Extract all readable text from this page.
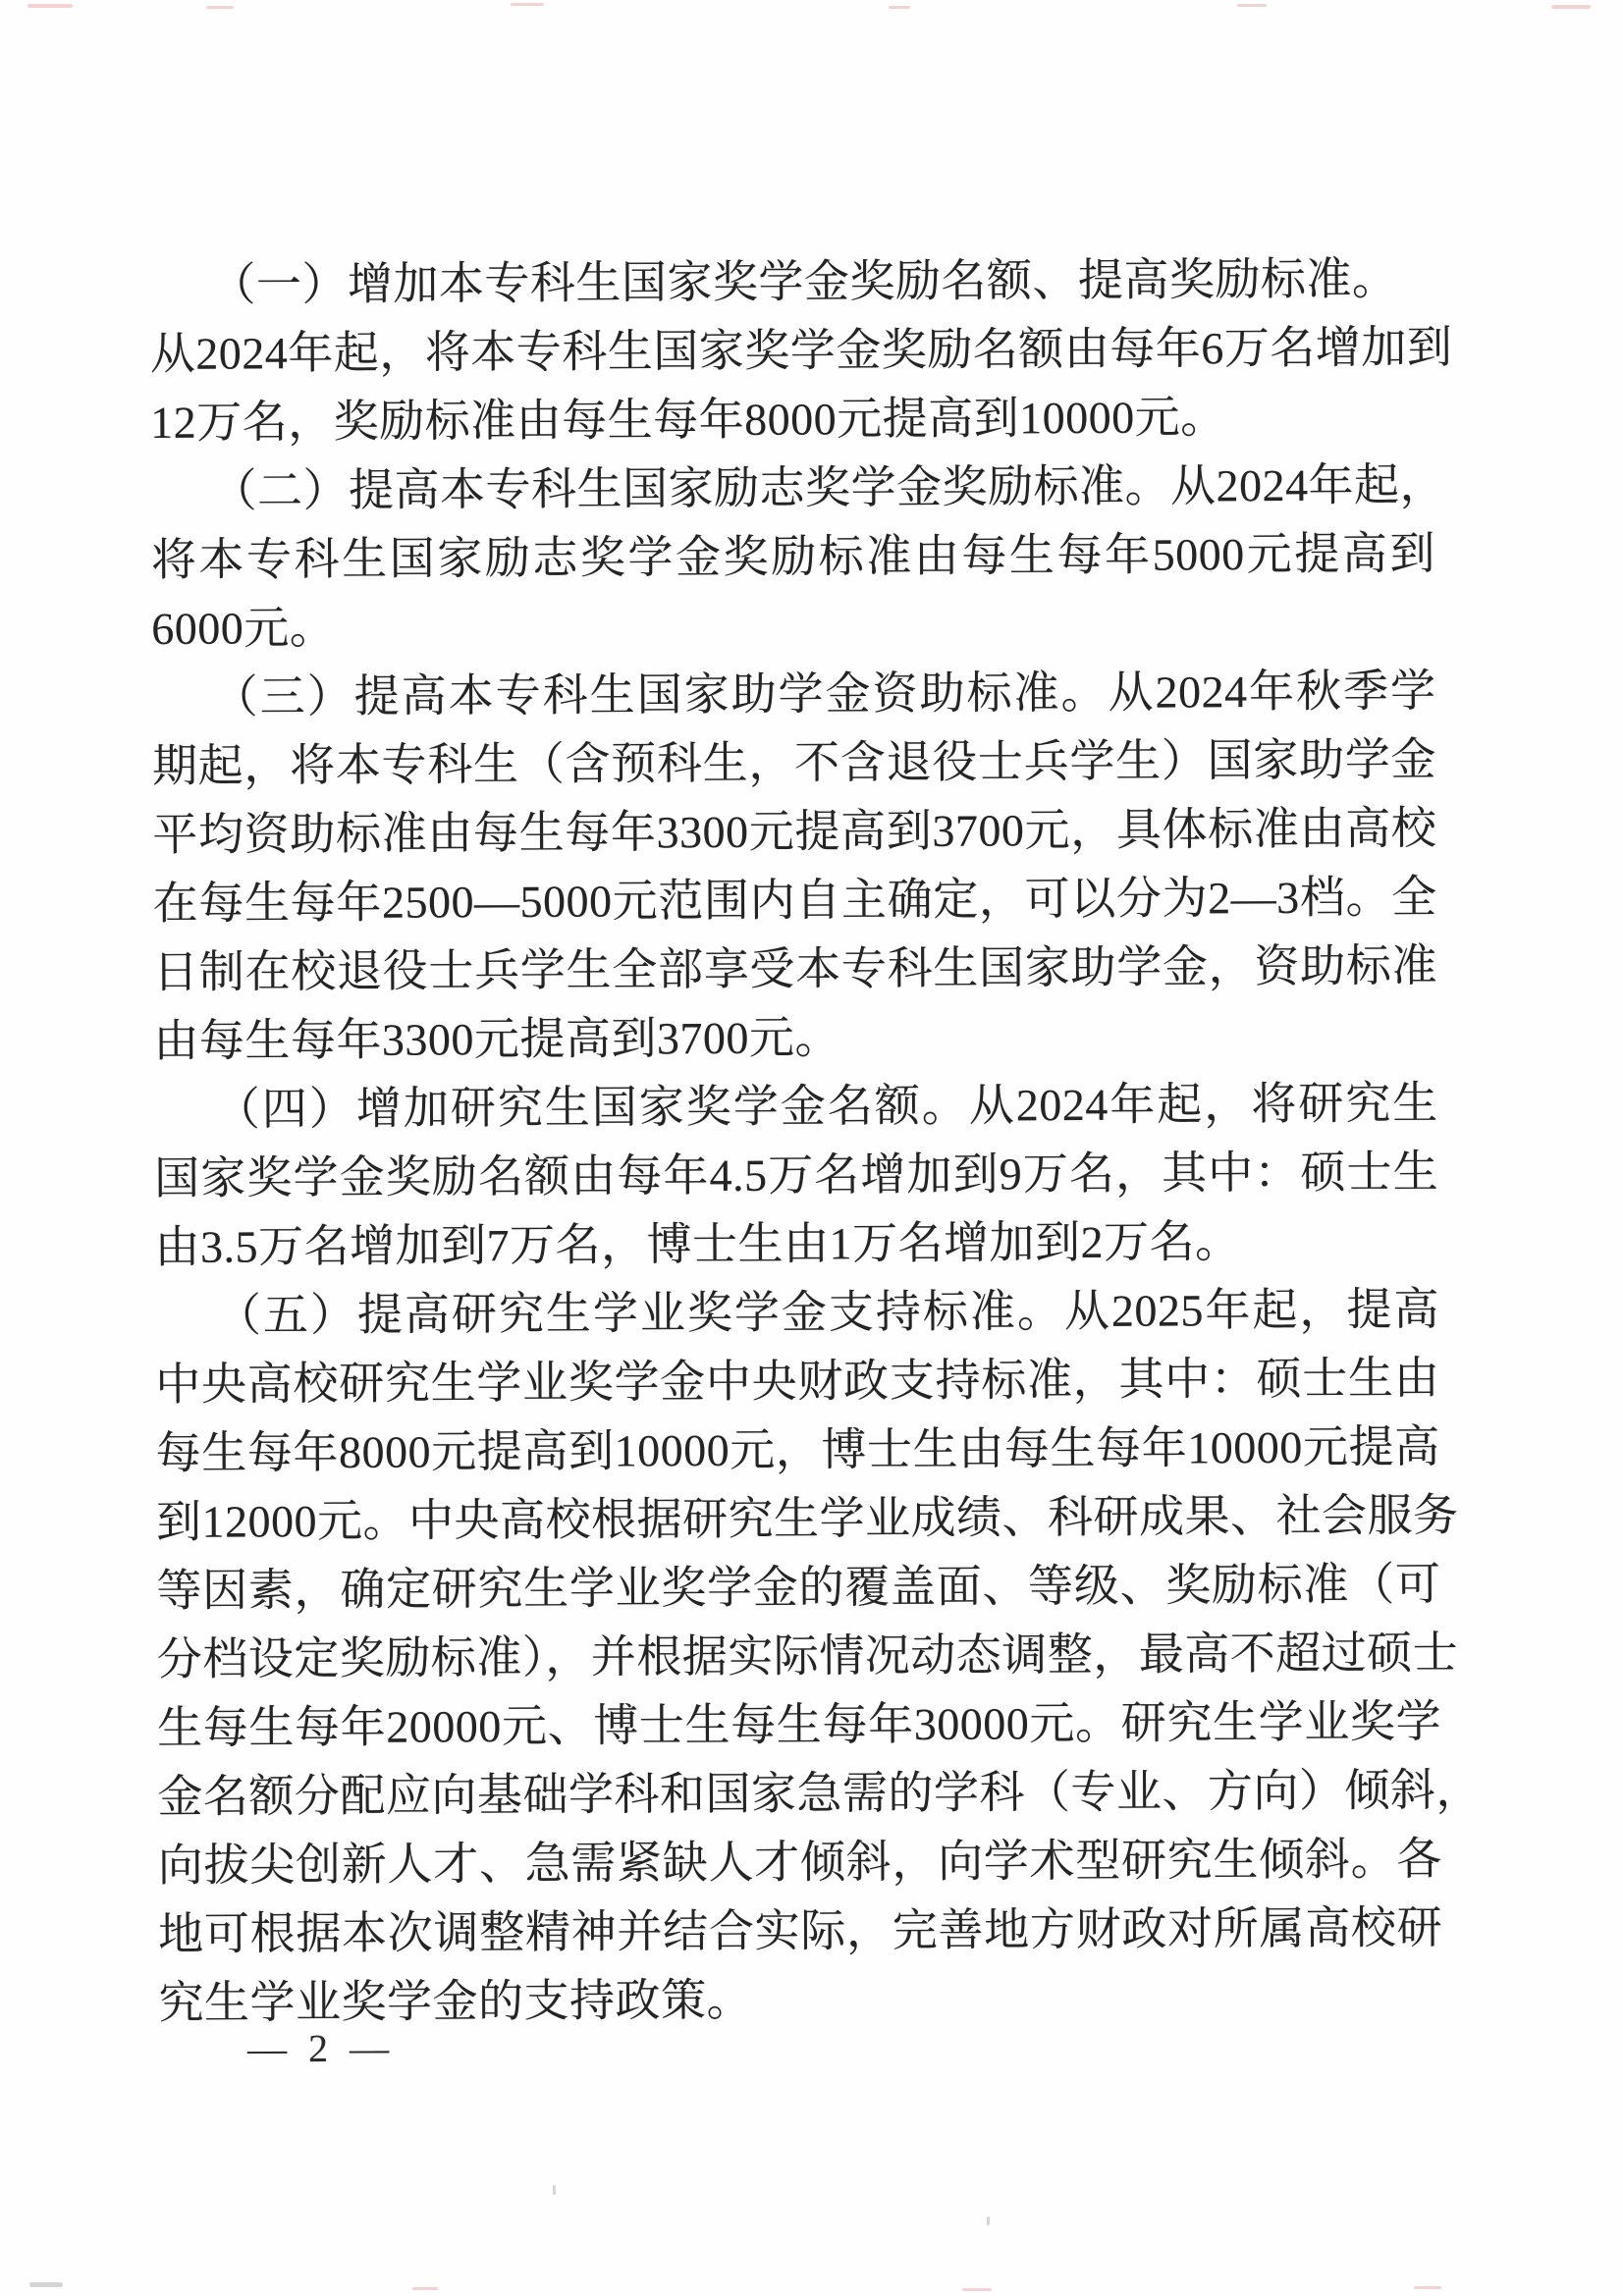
（一）增加本专科生国家奖学金奖励名额、提高奖励标准。
从2024年起，将本专科生国家奖学金奖励名额由每年6万名增加到
12万名，奖励标准由每生每年8000元提高到10000元。
（二）提高本专科生国家励志奖学金奖励标准。从2024年起，
将本专科生国家励志奖学金奖励标准由每生每年5000元提高到
6000元。
（三）提高本专科生国家助学金资助标准。从2024年秋季学
期起，将本专科生（含预科生，不含退役士兵学生）国家助学金
平均资助标准由每生每年3300元提高到3700元，具体标准由高校
在每生每年2500—5000元范围内自主确定，可以分为2—3档。全
日制在校退役士兵学生全部享受本专科生国家助学金，资助标准
由每生每年3300元提高到3700元。
（四）增加研究生国家奖学金名额。从2024年起，将研究生
国家奖学金奖励名额由每年4.5万名增加到9万名，其中：硕士生
由3.5万名增加到7万名，博士生由1万名增加到2万名。
（五）提高研究生学业奖学金支持标准。从2025年起，提高
中央高校研究生学业奖学金中央财政支持标准，其中：硕士生由
每生每年8000元提高到10000元，博士生由每生每年10000元提高
到12000元。中央高校根据研究生学业成绩、科研成果、社会服务
等因素，确定研究生学业奖学金的覆盖面、等级、奖励标准（可
分档设定奖励标准），并根据实际情况动态调整，最高不超过硕士
生每生每年20000元、博士生每生每年30000元。研究生学业奖学
金名额分配应向基础学科和国家急需的学科（专业、方向）倾斜，
向拔尖创新人才、急需紧缺人才倾斜，向学术型研究生倾斜。各
地可根据本次调整精神并结合实际，完善地方财政对所属高校研
究生学业奖学金的支持政策。
— 2 —
